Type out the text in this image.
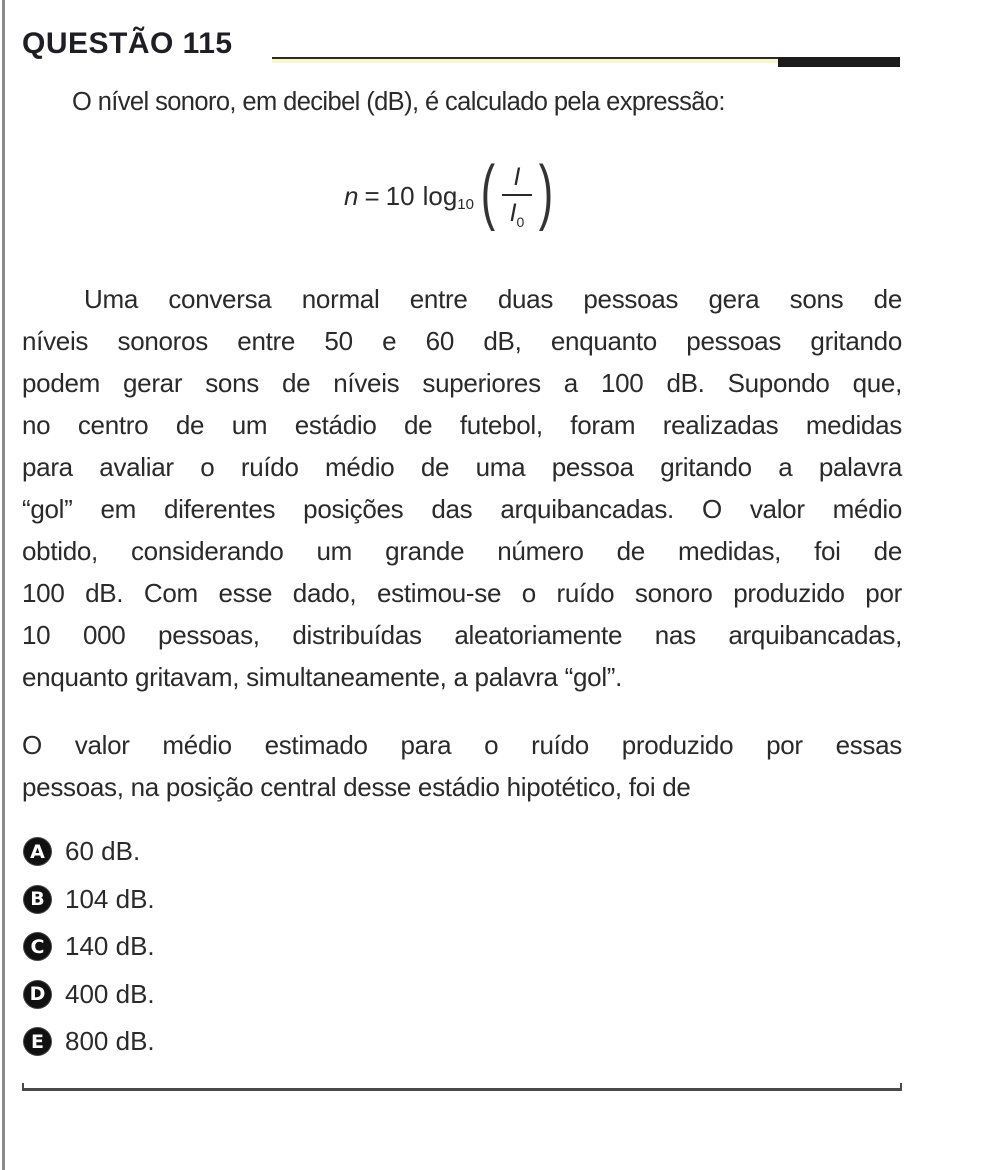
QUESTÃO 115
O nível sonoro, em decibel (dB), é calculado pela expressão:
n = 10 log 10 ( $\frac{I}{I_0}$ )
Uma conversa normal entre duas pessoas gera sons de
níveis sonoros entre 50 e 60 dB, enquanto pessoas gritando
podem gerar sons de níveis superiores a 100 dB. Supondo que,
no centro de um estádio de futebol, foram realizadas medidas
para avaliar o ruído médio de uma pessoa gritando a palavra
“gol” em diferentes posições das arquibancadas. O valor médio
obtido, considerando um grande número de medidas, foi de
100 dB. Com esse dado, estimou-se o ruído sonoro produzido por
10 000 pessoas, distribuídas aleatoriamente nas arquibancadas,
enquanto gritavam, simultaneamente, a palavra “gol”.
O valor médio estimado para o ruído produzido por essas
pessoas, na posição central desse estádio hipotético, foi de
A 60 dB.
B 104 dB.
C 140 dB.
D 400 dB.
E 800 dB.
